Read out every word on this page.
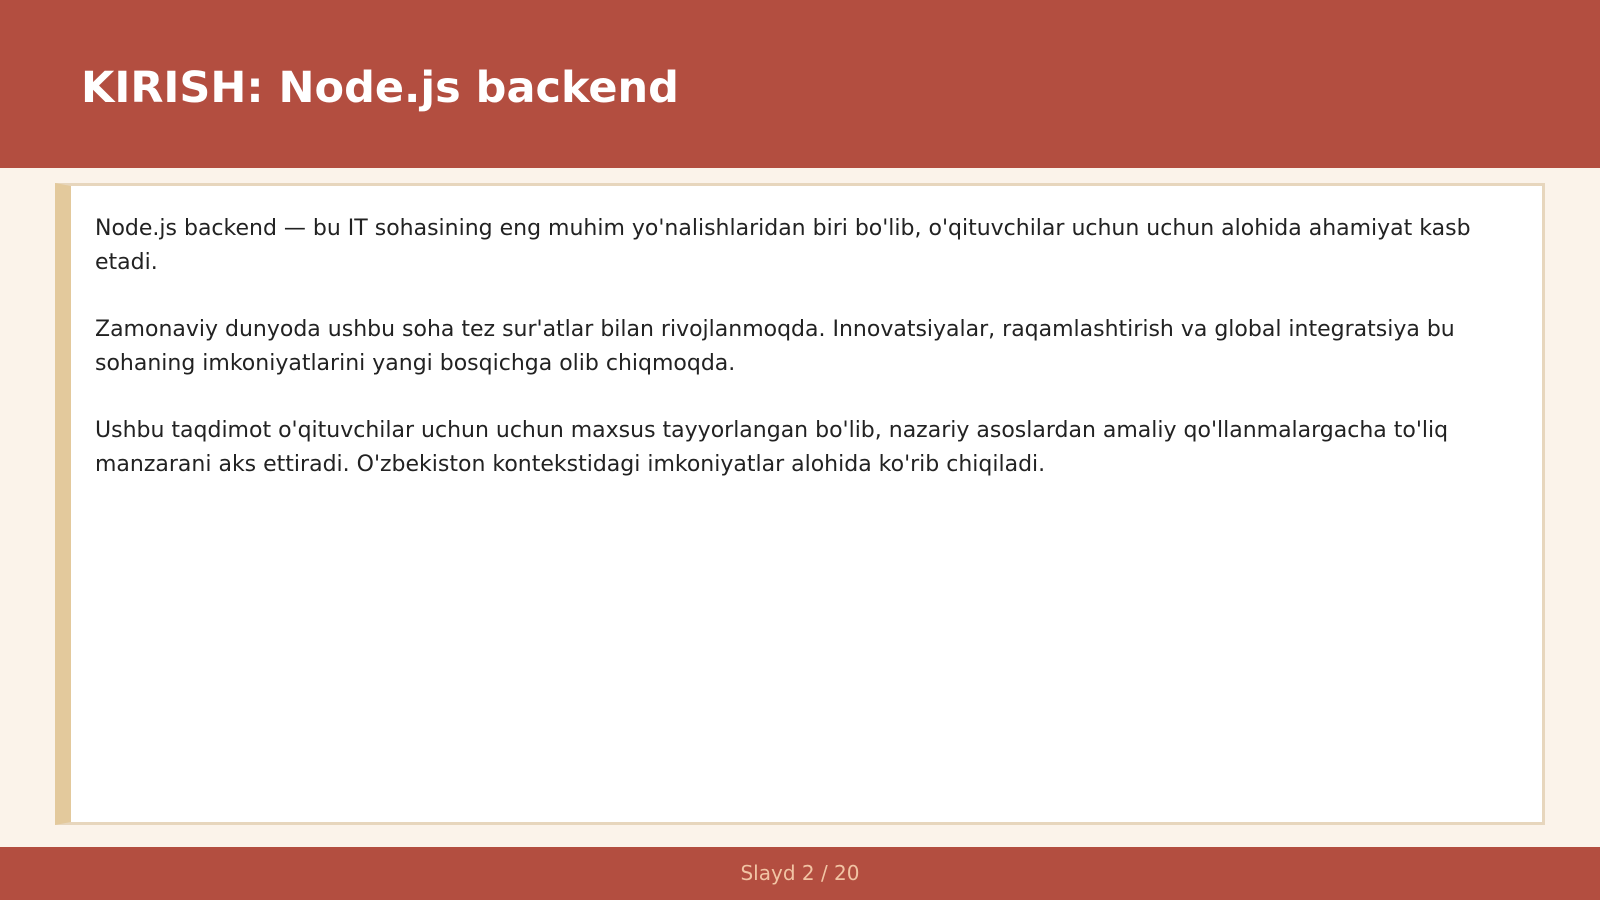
KIRISH: Node.js backend

Node.js backend — bu IT sohasining eng muhim yo'nalishlaridan biri bo'lib, o'qituvchilar uchun uchun alohida ahamiyat kasb etadi.

Zamonaviy dunyoda ushbu soha tez sur'atlar bilan rivojlanmoqda. Innovatsiyalar, raqamlashtirish va global integratsiya bu sohaning imkoniyatlarini yangi bosqichga olib chiqmoqda.

Ushbu taqdimot o'qituvchilar uchun uchun maxsus tayyorlangan bo'lib, nazariy asoslardan amaliy qo'llanmalargacha to'liq manzarani aks ettiradi. O'zbekiston kontekstidagi imkoniyatlar alohida ko'rib chiqiladi.

Slayd 2 / 20
